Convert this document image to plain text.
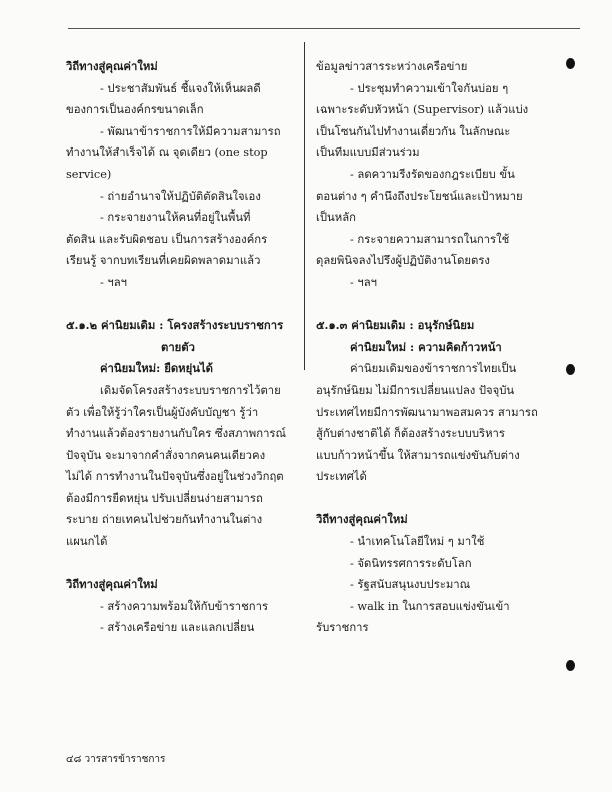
วิถีทางสู่คุณค่าใหม่

- ประชาสัมพันธ์ ชี้แจงให้เห็นผลดี

ของการเป็นองค์กรขนาดเล็ก

- พัฒนาข้าราชการให้มีความสามารถ

ทำงานให้สำเร็จได้ ณ จุดเดียว (one stop

service)

- ถ่ายอำนาจให้ปฏิบัติตัดสินใจเอง

- กระจายงานให้คนที่อยู่ในพื้นที่

ตัดสิน และรับผิดชอบ เป็นการสร้างองค์กร

เรียนรู้ จากบทเรียนที่เคยผิดพลาดมาแล้ว

- ฯลฯ

๕.๑.๒ ค่านิยมเดิม : โครงสร้างระบบราชการ

ตายตัว

ค่านิยมใหม่: ยืดหยุ่นได้

เดิมจัดโครงสร้างระบบราชการไว้ตาย

ตัว เพื่อให้รู้ว่าใครเป็นผู้บังคับบัญชา รู้ว่า

ทำงานแล้วต้องรายงานกับใคร ซึ่งสภาพการณ์

ปัจจุบัน จะมาจากคำสั่งจากคนคนเดียวคง

ไม่ได้ การทำงานในปัจจุบันซึ่งอยู่ในช่วงวิกฤต

ต้องมีการยืดหยุ่น ปรับเปลี่ยนง่ายสามารถ

ระบาย ถ่ายเทคนไปช่วยกันทำงานในต่าง

แผนกได้

วิถีทางสู่คุณค่าใหม่

- สร้างความพร้อมให้กับข้าราชการ

- สร้างเครือข่าย และแลกเปลี่ยน

ข้อมูลข่าวสารระหว่างเครือข่าย

- ประชุมทำความเข้าใจกันบ่อย ๆ

เฉพาะระดับหัวหน้า (Supervisor) แล้วแบ่ง

เป็นโซนกันไปทำงานเดี่ยวกัน ในลักษณะ

เป็นทีมแบบมีส่วนร่วม

- ลดความรีงรัดของกฎระเบียบ ขั้น

ตอนต่าง ๆ คำนึงถึงประโยชน์และเป้าหมาย

เป็นหลัก

- กระจายความสามารถในการใช้

ดุลยพินิจลงไปรึงผู้ปฏิบัติงานโดยตรง

- ฯลฯ

๕.๑.๓ ค่านิยมเดิม : อนุรักษ์นิยม

ค่านิยมใหม่ : ความคิดก้าวหน้า

ค่านิยมเดิมของข้าราชการไทยเป็น

อนุรักษ์นิยม ไม่มีการเปลี่ยนแปลง ปัจจุบัน

ประเทศไทยมีการพัฒนามาพอสมควร สามารถ

สู้กับต่างชาติได้ ก็ต้องสร้างระบบบริหาร

แบบก้าวหน้าขึ้น ให้สามารถแข่งขันกับต่าง

ประเทศได้

วิถีทางสู่คุณค่าใหม่

- นำเทคโนโลยีใหม่ ๆ มาใช้

- จัดนิทรรศการระดับโลก

- รัฐสนับสนุนงบประมาณ

- walk in ในการสอบแข่งขันเข้า

รับราชการ

๔๘ วารสารข้าราชการ
